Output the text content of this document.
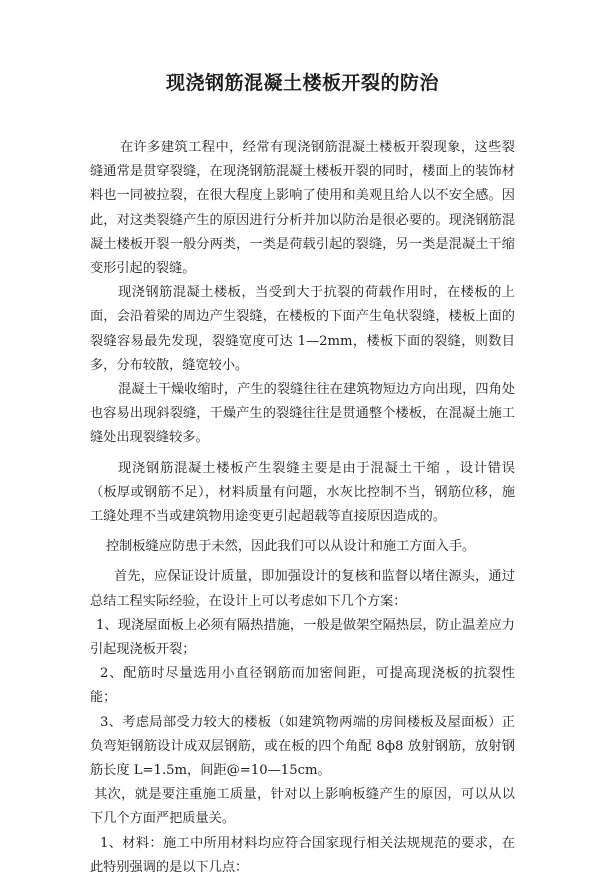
现浇钢筋混凝土楼板开裂的防治

在许多建筑工程中，经常有现浇钢筋混凝土楼板开裂现象，这些裂缝通常是贯穿裂缝，在现浇钢筋混凝土楼板开裂的同时，楼面上的装饰材料也一同被拉裂，在很大程度上影响了使用和美观且给人以不安全感。因此，对这类裂缝产生的原因进行分析并加以防治是很必要的。现浇钢筋混凝土楼板开裂一般分两类，一类是荷载引起的裂缝，另一类是混凝土干缩变形引起的裂缝。

现浇钢筋混凝土楼板，当受到大于抗裂的荷载作用时，在楼板的上面，会沿着梁的周边产生裂缝，在楼板的下面产生龟状裂缝，楼板上面的裂缝容易最先发现，裂缝宽度可达 1—2mm，楼板下面的裂缝，则数目多，分布较散，缝宽较小。

混凝土干燥收缩时，产生的裂缝往往在建筑物短边方向出现，四角处也容易出现斜裂缝，干燥产生的裂缝往往是贯通整个楼板，在混凝土施工缝处出现裂缝较多。

现浇钢筋混凝土楼板产生裂缝主要是由于混凝土干缩 ，设计错误 （板厚或钢筋不足），材料质量有问题，水灰比控制不当，钢筋位移，施工缝处理不当或建筑物用途变更引起超载等直接原因造成的。

控制板缝应防患于未然，因此我们可以从设计和施工方面入手。

首先，应保证设计质量，即加强设计的复核和监督以堵住源头，通过总结工程实际经验，在设计上可以考虑如下几个方案：

1、现浇屋面板上必须有隔热措施，一般是做架空隔热层，防止温差应力引起现浇板开裂；

2、配筋时尽量选用小直径钢筋而加密间距，可提高现浇板的抗裂性能；

3、考虑局部受力较大的楼板（如建筑物两端的房间楼板及屋面板）正负弯矩钢筋设计成双层钢筋，或在板的四个角配 8ф8 放射钢筋，放射钢筋长度 L=1.5m，间距@=10—15cm。

其次，就是要注重施工质量，针对以上影响板缝产生的原因，可以从以下几个方面严把质量关。

1、材料：施工中所用材料均应符合国家现行相关法规规范的要求，在此特别强调的是以下几点：
